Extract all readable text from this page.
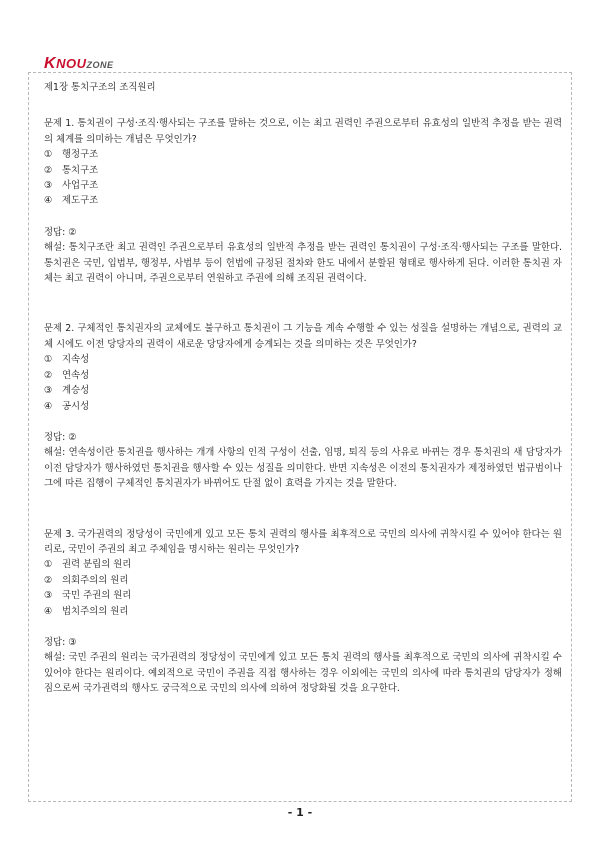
KNOUZONE

제1장 통치구조의 조직원리

문제 1. 통치권이 구성·조직·행사되는 구조를 말하는 것으로, 이는 최고 권력인 주권으로부터 유효성의 일반적 추정을 받는 권력의 체계를 의미하는 개념은 무엇인가?

① 행정구조
② 통치구조
③ 사업구조
④ 제도구조

정답: ②

해설: 통치구조란 최고 권력인 주권으로부터 유효성의 일반적 추정을 받는 권력인 통치권이 구성·조직·행사되는 구조를 말한다. 통치권은 국민, 입법부, 행정부, 사법부 등이 헌법에 규정된 절차와 한도 내에서 분할된 형태로 행사하게 된다. 이러한 통치권 자체는 최고 권력이 아니며, 주권으로부터 연원하고 주권에 의해 조직된 권력이다.

문제 2. 구체적인 통치권자의 교체에도 불구하고 통치권이 그 기능을 계속 수행할 수 있는 성질을 설명하는 개념으로, 권력의 교체 시에도 이전 당당자의 권력이 새로운 당당자에게 승계되는 것을 의미하는 것은 무엇인가?

① 지속성
② 연속성
③ 계승성
④ 공시성

정답: ②

해설: 연속성이란 통치권을 행사하는 개개 사항의 인적 구성이 선출, 임명, 퇴직 등의 사유로 바뀌는 경우 통치권의 새 담당자가 이전 담당자가 행사하였던 통치권을 행사할 수 있는 성질을 의미한다. 반면 지속성은 이전의 통치권자가 제정하였던 법규범이나 그에 따른 집행이 구체적인 통치권자가 바뀌어도 단절 없이 효력을 가지는 것을 말한다.

문제 3. 국가권력의 정당성이 국민에게 있고 모든 통치 권력의 행사를 최후적으로 국민의 의사에 귀착시킬 수 있어야 한다는 원리로, 국민이 주권의 최고 주체임을 명시하는 원리는 무엇인가?

① 권력 분립의 원리
② 의회주의의 원리
③ 국민 주권의 원리
④ 법치주의의 원리

정답: ③

해설: 국민 주권의 원리는 국가권력의 정당성이 국민에게 있고 모든 통치 권력의 행사를 최후적으로 국민의 의사에 귀착시킬 수 있어야 한다는 원리이다. 예외적으로 국민이 주권을 직접 행사하는 경우 이외에는 국민의 의사에 따라 통치권의 담당자가 정해짐으로써 국가권력의 행사도 궁극적으로 국민의 의사에 의하여 정당화될 것을 요구한다.

- 1 -
